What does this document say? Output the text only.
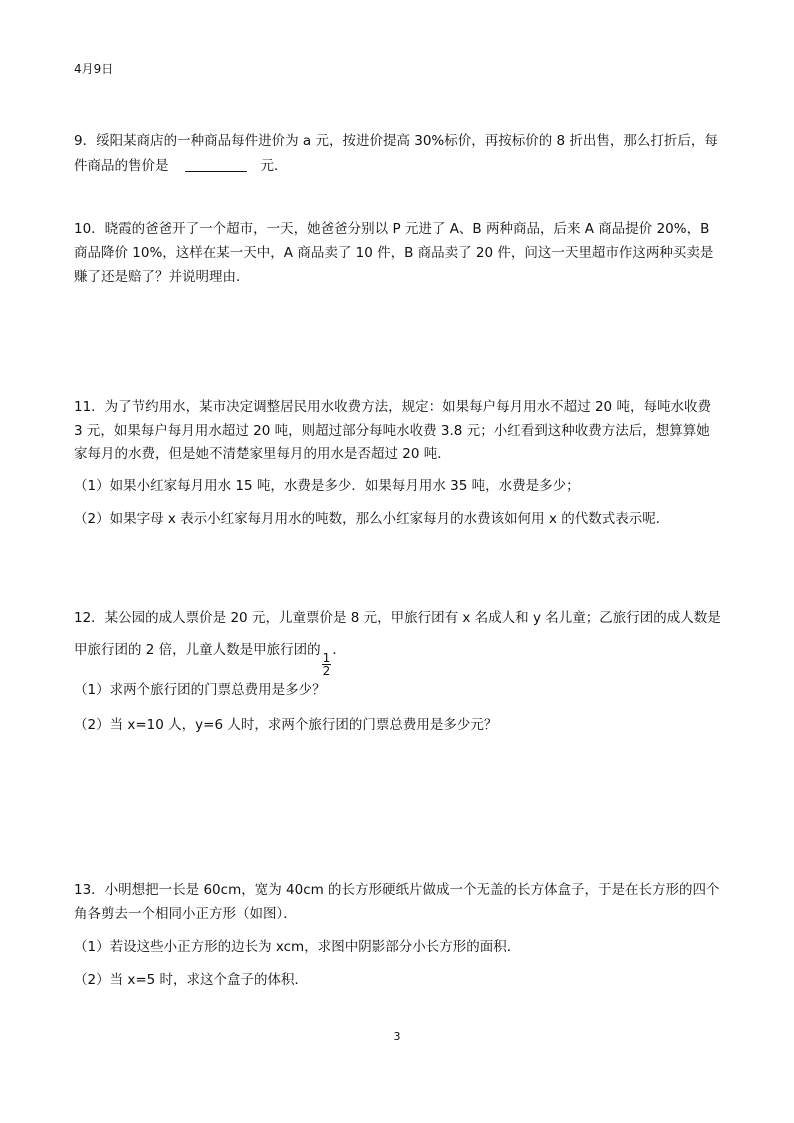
4月9日
9．绥阳某商店的一种商品每件进价为 a 元，按进价提高 30%标价，再按标价的 8 折出售，那么打折后，每
件商品的售价是	元．
10．晓霞的爸爸开了一个超市，一天，她爸爸分别以 P 元进了 A、B 两种商品，后来 A 商品提价 20%，B
商品降价 10%，这样在某一天中，A 商品卖了 10 件，B 商品卖了 20 件，问这一天里超市作这两种买卖是
赚了还是赔了？并说明理由．
11．为了节约用水，某市决定调整居民用水收费方法，规定：如果每户每月用水不超过 20 吨，每吨水收费
3 元，如果每户每月用水超过 20 吨，则超过部分每吨水收费 3.8 元；小红看到这种收费方法后，想算算她
家每月的水费，但是她不清楚家里每月的用水是否超过 20 吨．
（1）如果小红家每月用水 15 吨，水费是多少．如果每月用水 35 吨，水费是多少；
（2）如果字母 x 表示小红家每月用水的吨数，那么小红家每月的水费该如何用 x 的代数式表示呢．
12．某公园的成人票价是 20 元，儿童票价是 8 元，甲旅行团有 x 名成人和 y 名儿童；乙旅行团的成人数是
甲旅行团的 2 倍，儿童人数是甲旅行团的
$\frac{1}{2}$
．
（1）求两个旅行团的门票总费用是多少？
（2）当 x=10 人，y=6 人时，求两个旅行团的门票总费用是多少元？
13．小明想把一长是 60cm，宽为 40cm 的长方形硬纸片做成一个无盖的长方体盒子，于是在长方形的四个
角各剪去一个相同小正方形（如图）．
（1）若设这些小正方形的边长为 xcm，求图中阴影部分小长方形的面积．
（2）当 x=5 时，求这个盒子的体积．
3
